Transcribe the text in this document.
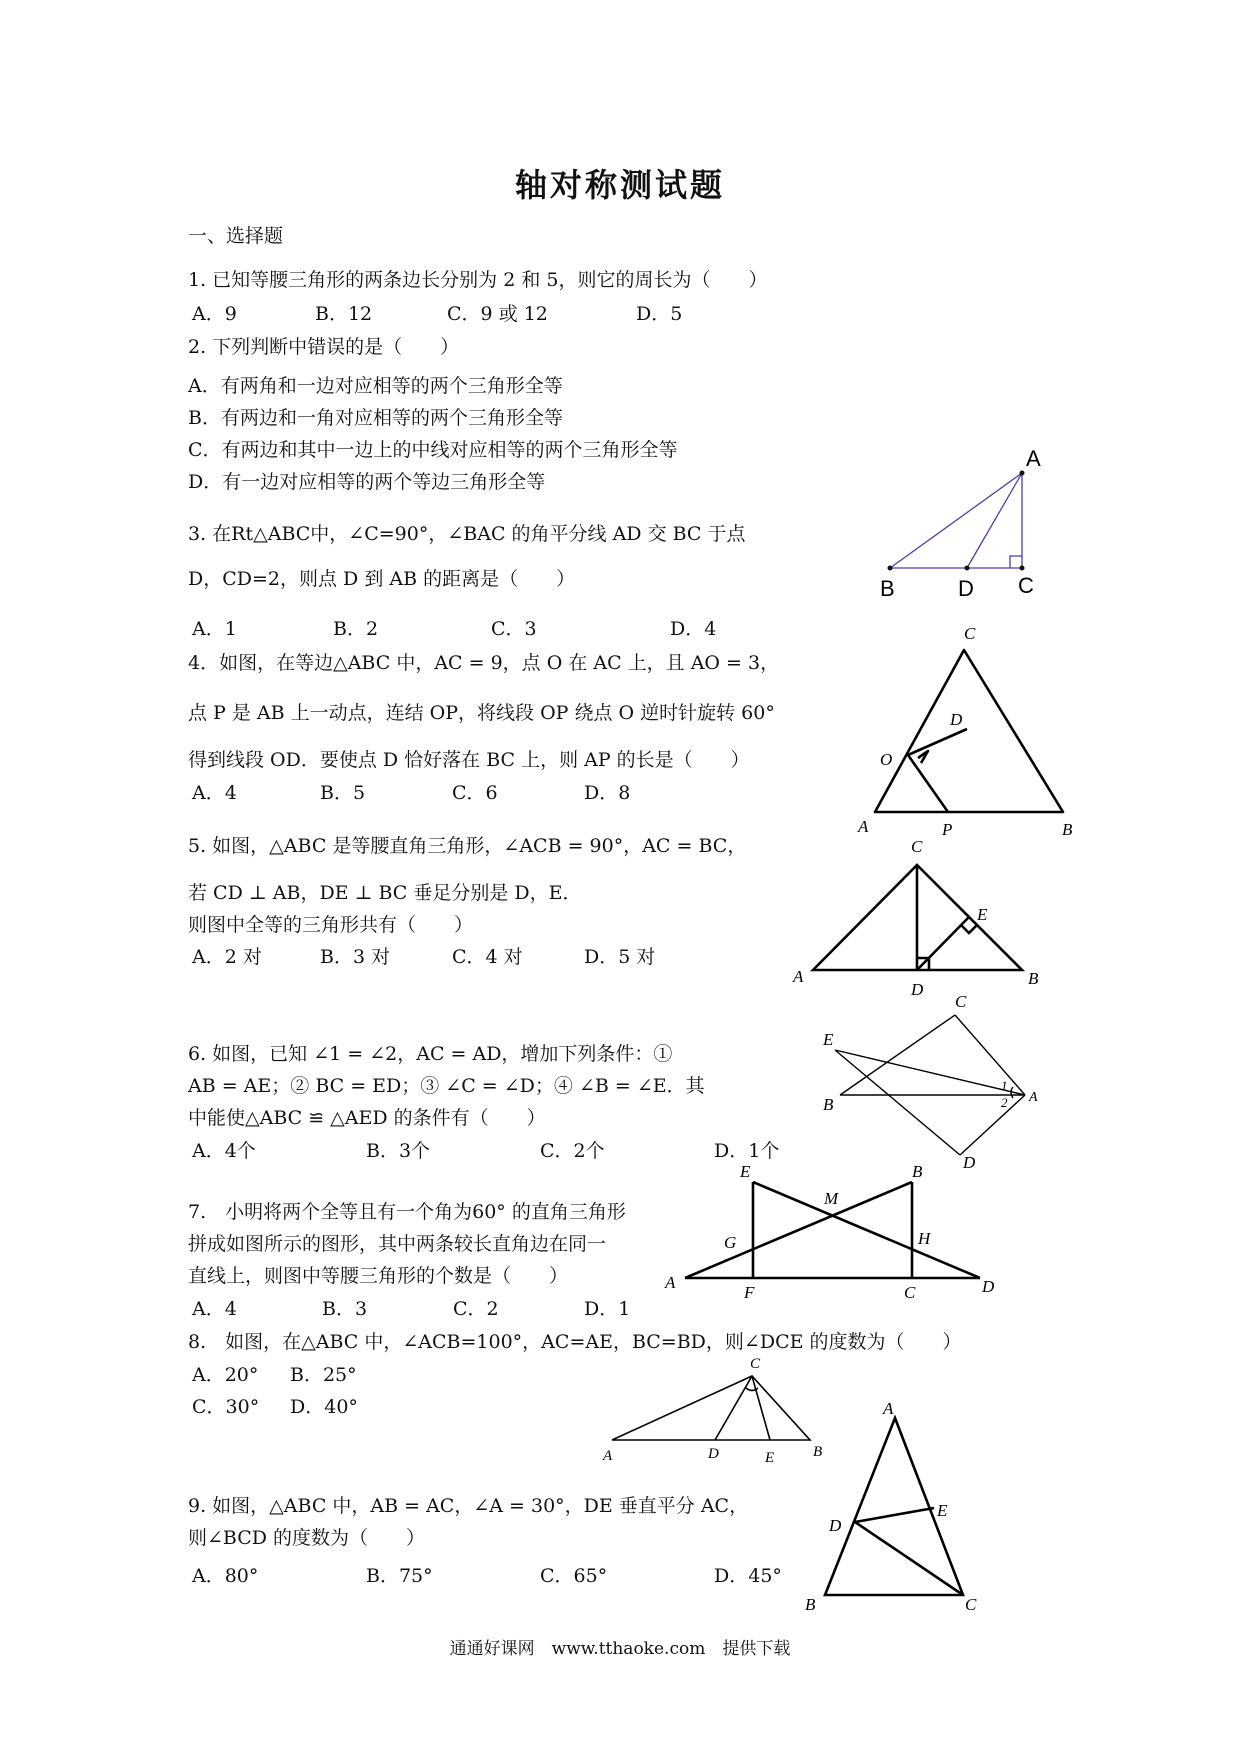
轴对称测试题
一、选择题
1. 已知等腰三角形的两条边长分别为 2 和 5，则它的周长为（　　）
A．9	B．12	C．9 或 12	D．5
2. 下列判断中错误的是（　　）
A．有两角和一边对应相等的两个三角形全等
B．有两边和一角对应相等的两个三角形全等
C．有两边和其中一边上的中线对应相等的两个三角形全等
D．有一边对应相等的两个等边三角形全等
3. 在Rt△ABC中，∠C=90°，∠BAC 的角平分线 AD 交 BC 于点
D，CD=2，则点 D 到 AB 的距离是（　　）
A．1	B．2	C．3	D．4
A
B	D C
4．如图，在等边△ABC 中，AC = 9，点 O 在 AC 上，且 AO = 3，
点 P 是 AB 上一动点，连结 OP，将线段 OP 绕点 O 逆时针旋转 60°
得到线段 OD．要使点 D 恰好落在 BC 上，则 AP 的长是（　　）
A．4	B．5	C．6	D．8
C
D
O
A	P	B
5. 如图，△ABC 是等腰直角三角形，∠ACB = 90°，AC = BC，
若 CD ⊥ AB，DE ⊥ BC 垂足分别是 D，E．
则图中全等的三角形共有（　　）
A．2 对	B．3 对	C．4 对	D．5 对
C
E
A
D
B
6. 如图，已知 ∠1 = ∠2，AC = AD，增加下列条件：①
AB = AE；② BC = ED；③ ∠C = ∠D；④ ∠B = ∠E．其
中能使△ABC ≌ △AED 的条件有（　　）
A．4个	B．3个	C．2个	D．1个
C
E
1
2 A
B
D
7.　小明将两个全等且有一个角为60° 的直角三角形
拼成如图所示的图形，其中两条较长直角边在同一
直线上，则图中等腰三角形的个数是（　　）
A．4	B．3	C．2	D．1
E	B
M
G	H
A
F	C	D
8.　如图，在△ABC 中，∠ACB=100°，AC=AE，BC=BD，则∠DCE 的度数为（　　）
A．20° B．25°
C．30° D．40°
C
A	D	E	B
9. 如图，△ABC 中，AB = AC，∠A = 30°，DE 垂直平分 AC，
则∠BCD 的度数为（　　）
A．80°	B．75°	C．65°	D．45°
A
E
D
B	C
通通好课网　www.tthaoke.com　提供下载
